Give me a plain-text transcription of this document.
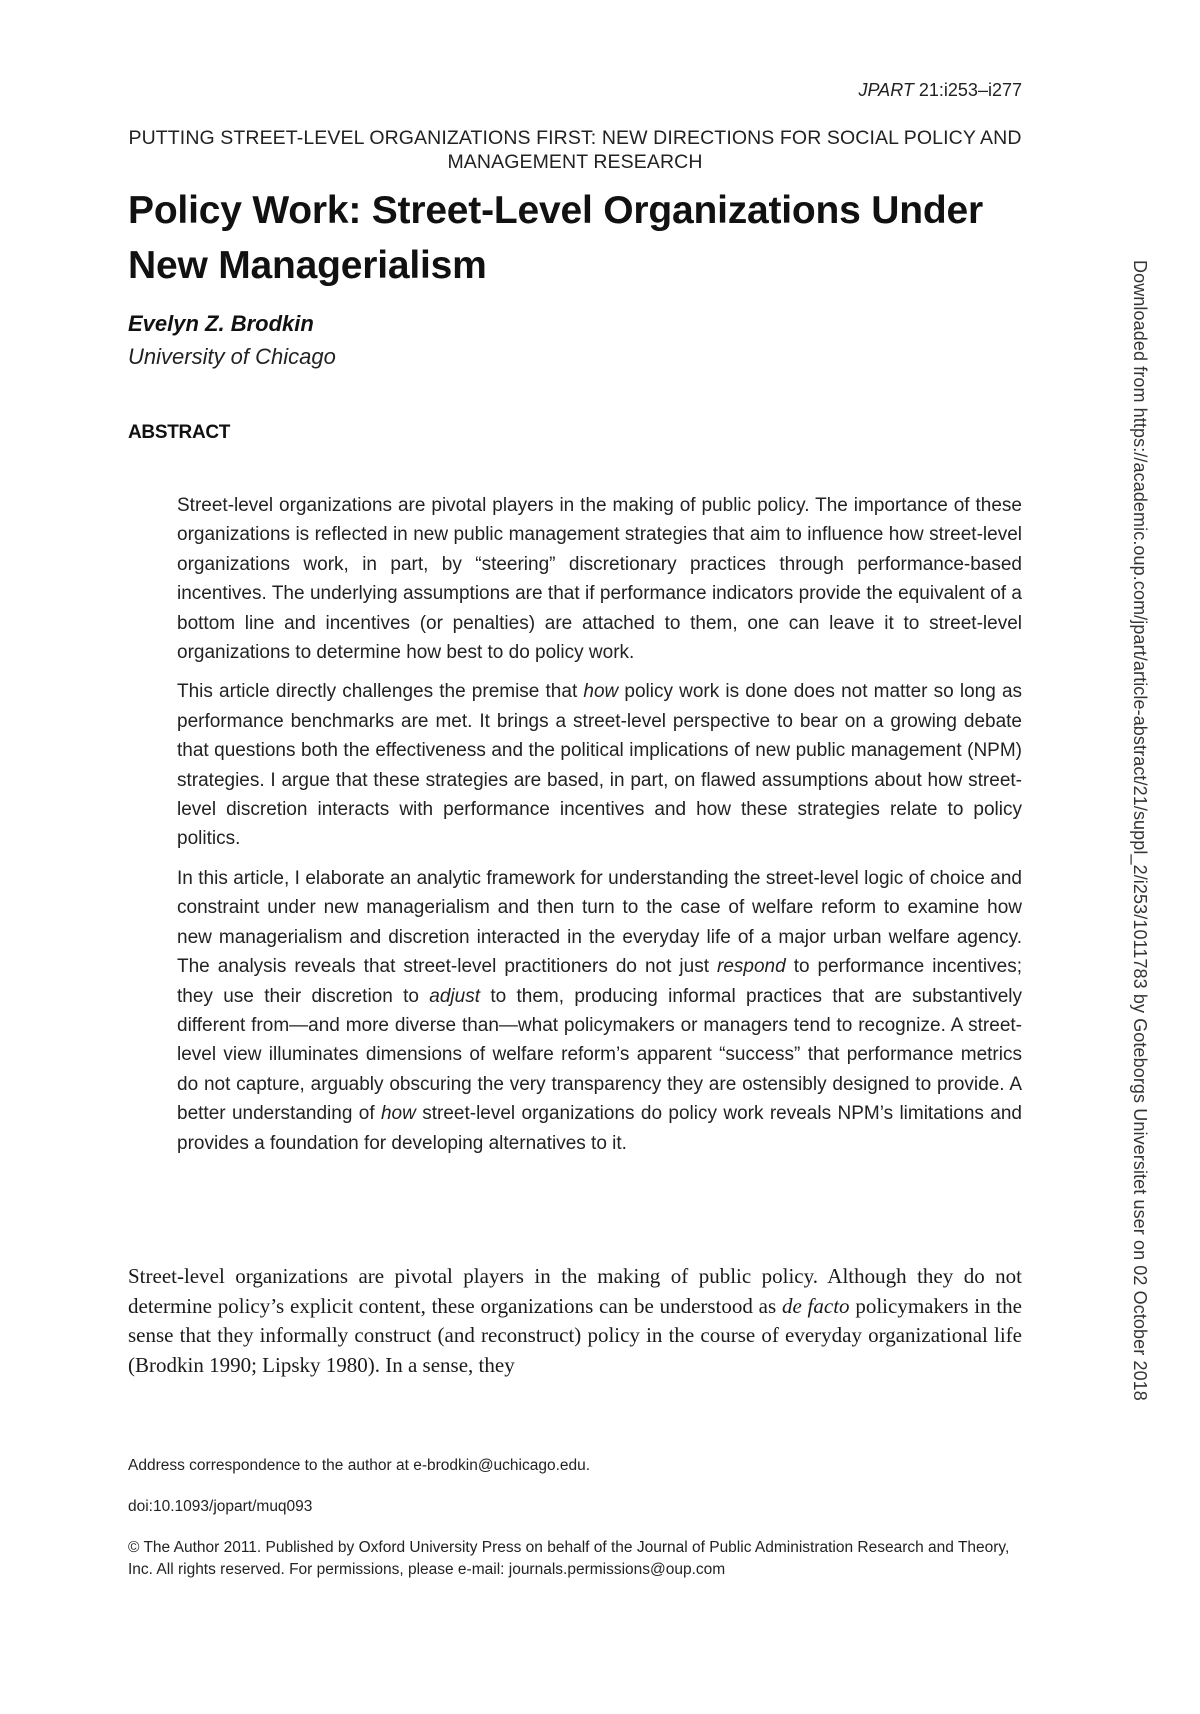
JPART 21:i253–i277
PUTTING STREET-LEVEL ORGANIZATIONS FIRST: NEW DIRECTIONS FOR SOCIAL POLICY AND MANAGEMENT RESEARCH
Policy Work: Street-Level Organizations Under New Managerialism
Evelyn Z. Brodkin
University of Chicago
ABSTRACT

Street-level organizations are pivotal players in the making of public policy. The importance of these organizations is reflected in new public management strategies that aim to influence how street-level organizations work, in part, by “steering” discretionary practices through performance-based incentives. The underlying assumptions are that if performance indicators provide the equivalent of a bottom line and incentives (or penalties) are attached to them, one can leave it to street-level organizations to determine how best to do policy work.

This article directly challenges the premise that how policy work is done does not matter so long as performance benchmarks are met. It brings a street-level perspective to bear on a growing debate that questions both the effectiveness and the political implications of new public management (NPM) strategies. I argue that these strategies are based, in part, on flawed assumptions about how street-level discretion interacts with performance incentives and how these strategies relate to policy politics.

In this article, I elaborate an analytic framework for understanding the street-level logic of choice and constraint under new managerialism and then turn to the case of welfare reform to examine how new managerialism and discretion interacted in the everyday life of a major urban welfare agency. The analysis reveals that street-level practitioners do not just respond to performance incentives; they use their discretion to adjust to them, producing informal practices that are substantively different from—and more diverse than—what policymakers or managers tend to recognize. A street-level view illuminates dimensions of welfare reform’s apparent “success” that performance metrics do not capture, arguably obscuring the very transparency they are ostensibly designed to provide. A better understanding of how street-level organizations do policy work reveals NPM’s limitations and provides a foundation for developing alternatives to it.

Street-level organizations are pivotal players in the making of public policy. Although they do not determine policy’s explicit content, these organizations can be understood as de facto policymakers in the sense that they informally construct (and reconstruct) policy in the course of everyday organizational life (Brodkin 1990; Lipsky 1980). In a sense, they

Address correspondence to the author at e-brodkin@uchicago.edu.
doi:10.1093/jopart/muq093
© The Author 2011. Published by Oxford University Press on behalf of the Journal of Public Administration Research and Theory, Inc. All rights reserved. For permissions, please e-mail: journals.permissions@oup.com
Downloaded from https://academic.oup.com/jpart/article-abstract/21/suppl_2/i253/1011783 by Goteborgs Universitet user on 02 October 2018
